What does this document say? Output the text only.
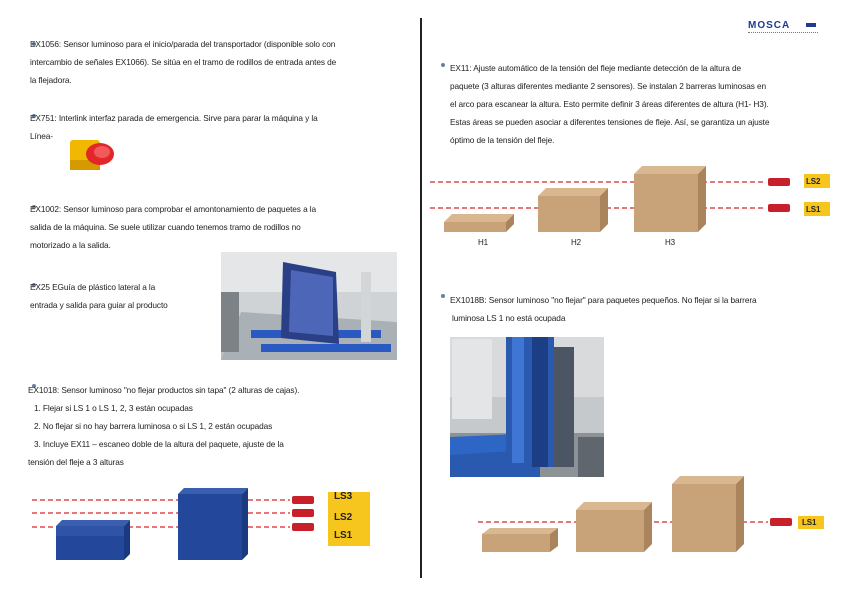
MOSCA
EX1056: Sensor luminoso para el inicio/parada del transportador (disponible solo con
intercambio de señales EX1066). Se sitúa en el tramo de rodillos de entrada antes de
la flejadora.
EX751: Interlink interfaz parada de emergencia. Sirve para parar la máquina y la
Línea-
EX1002: Sensor luminoso para comprobar el amontonamiento de paquetes a la
salida de la máquina. Se suele utilizar cuando tenemos tramo de rodillos no
motorizado a la salida.
EX25 EGuía de plástico lateral a la
entrada y salida para guiar al producto
EX1018: Sensor luminoso "no flejar productos sin tapa" (2 alturas de cajas).
1. Flejar si LS 1 o LS 1, 2, 3 están ocupadas
2. No flejar si no hay barrera luminosa o si LS 1, 2 están ocupadas
3. Incluye EX11 – escaneo doble de la altura del paquete, ajuste de la
tensión del fleje a 3 alturas
LS3
LS2
LS1
EX11: Ajuste automático de la tensión del fleje mediante detección de la altura de
paquete (3 alturas diferentes mediante 2 sensores). Se instalan 2 barreras luminosas en
el arco para escanear la altura. Esto permite definir 3 áreas diferentes de altura (H1- H3).
Estas áreas se pueden asociar a diferentes tensiones de fleje. Así, se garantiza un ajuste
óptimo de la tensión del fleje.
LS2
LS1
H1	H2	H3
EX1018B: Sensor luminoso "no flejar" para paquetes pequeños. No flejar si la barrera
luminosa LS 1 no está ocupada
LS1
